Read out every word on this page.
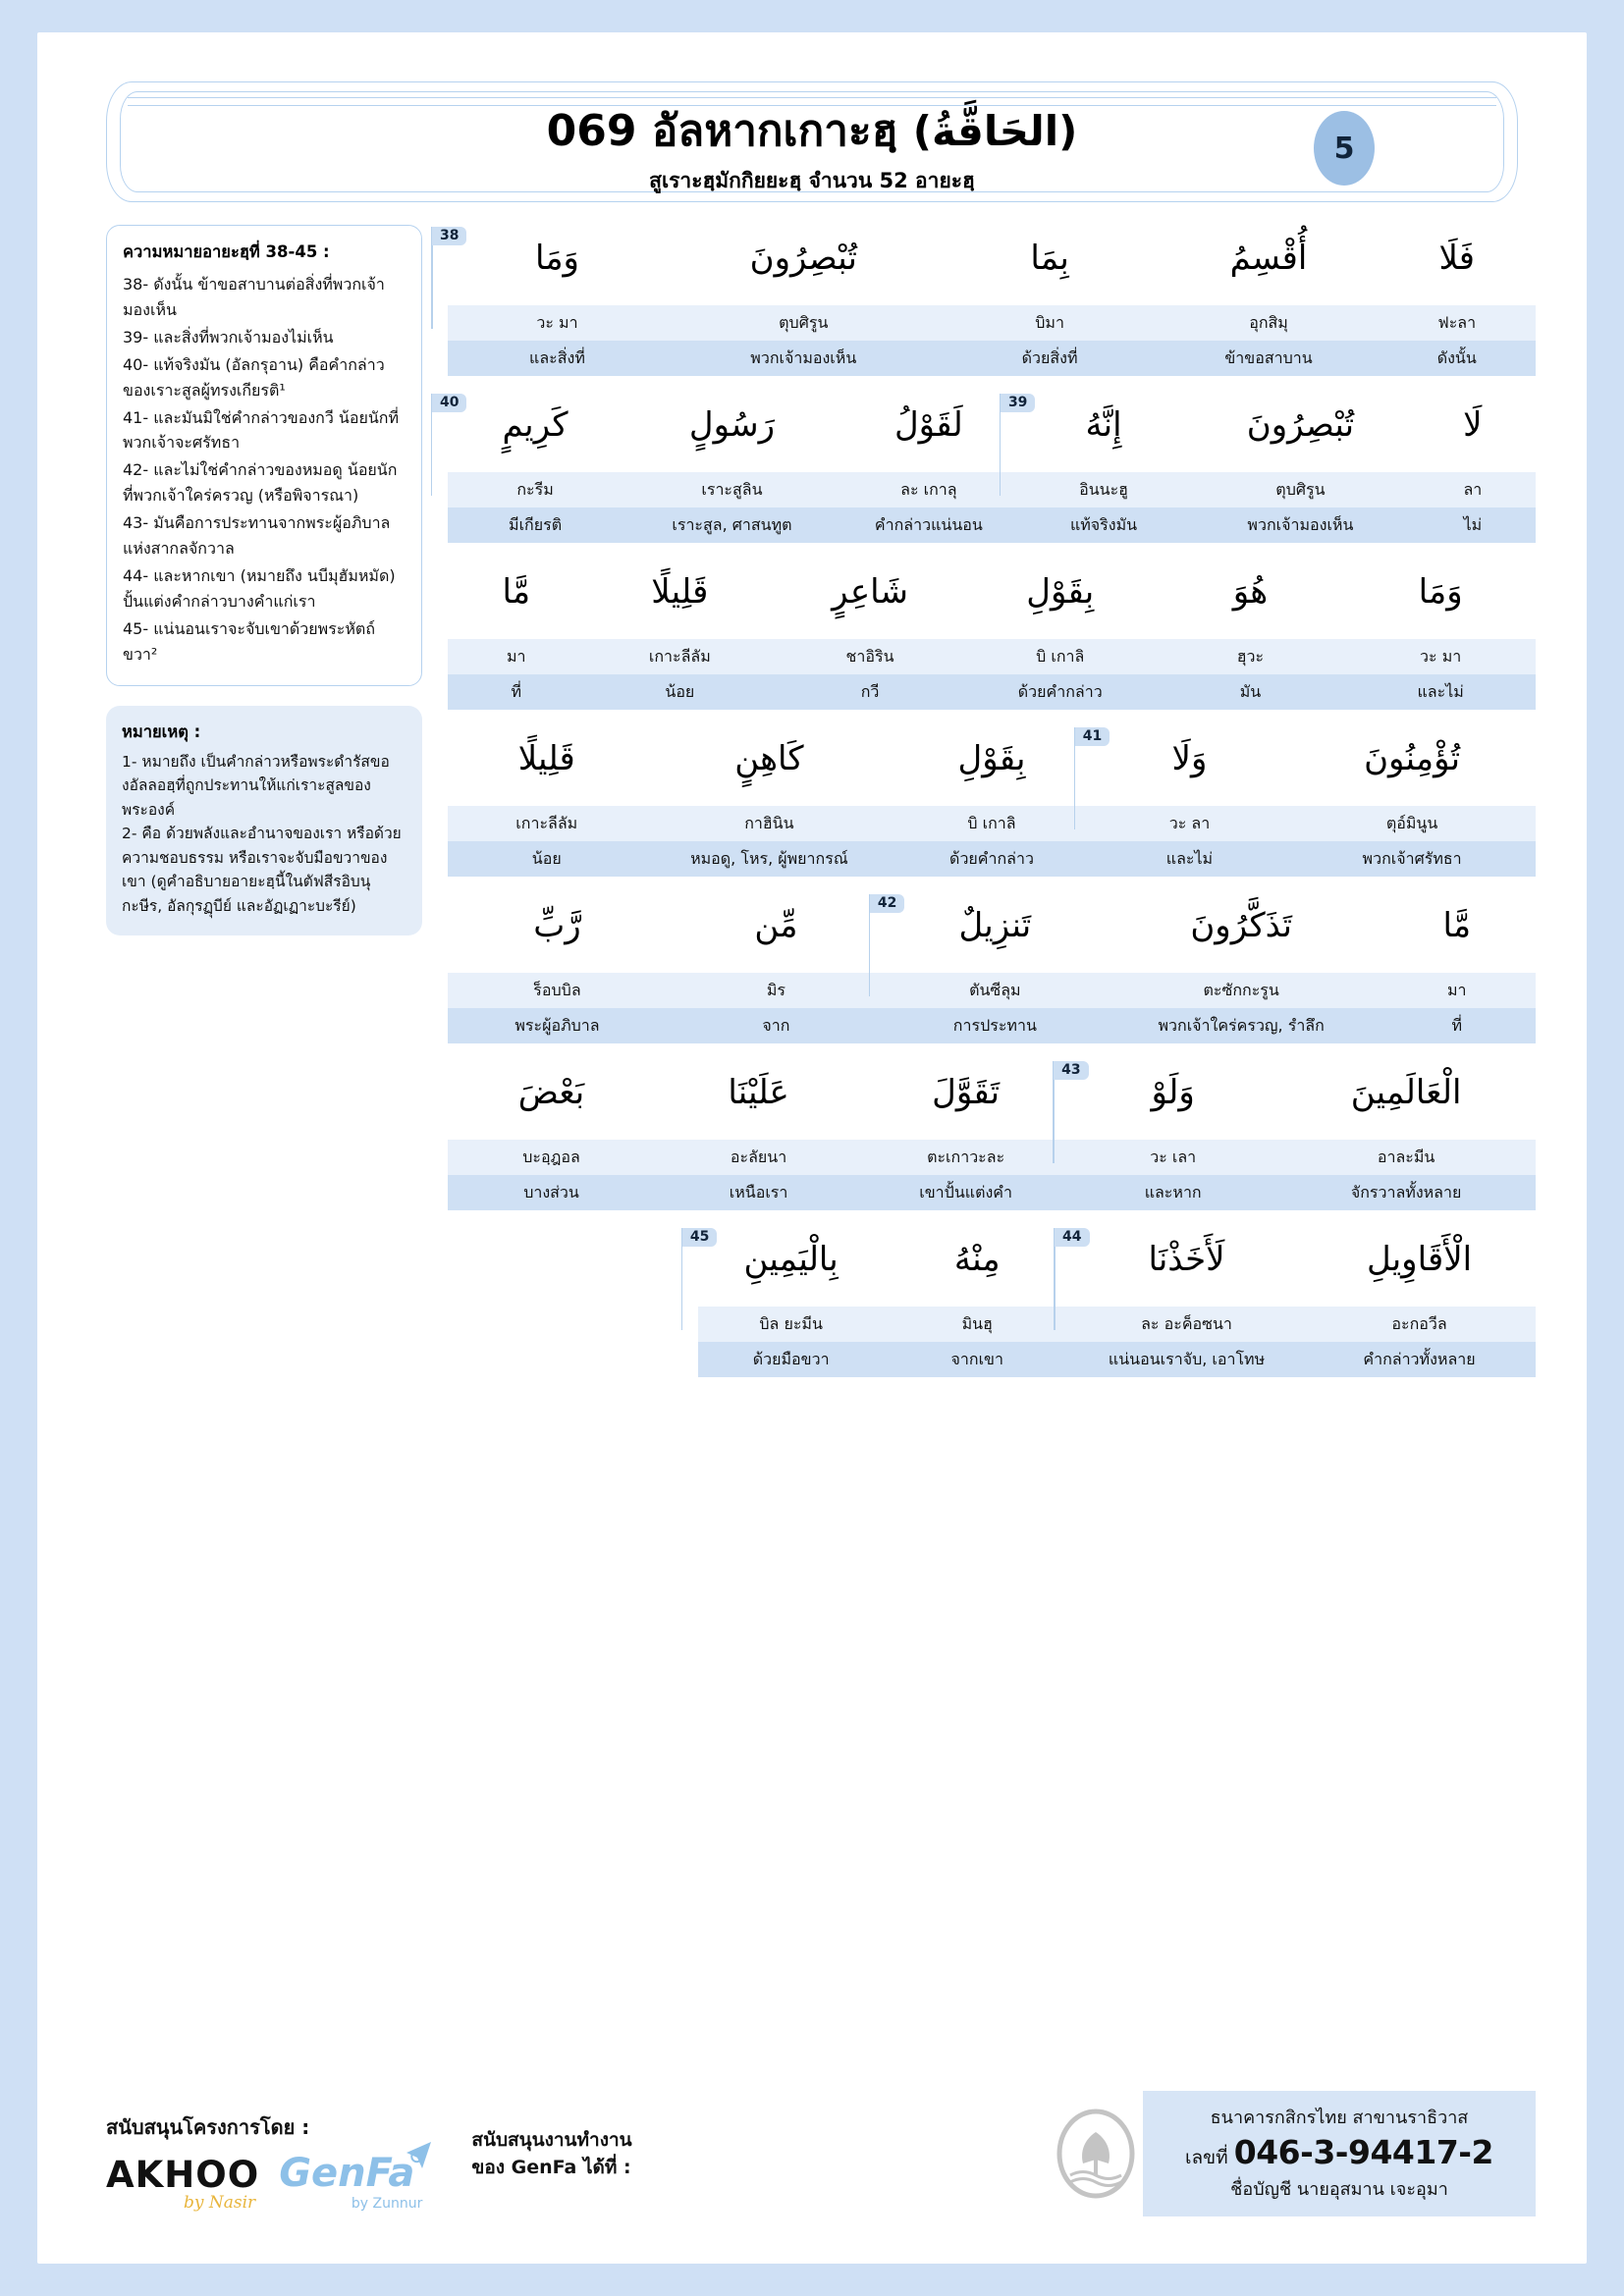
069 อัลหากเกาะฮฺ (الحَاقَّةُ)
สูเราะฮฺมักกิยยะฮฺ จำนวน 52 อายะฮฺ
5
ความหมายอายะฮฺที่ 38-45 :
38- ดังนั้น ข้าขอสาบานต่อสิ่งที่พวกเจ้ามองเห็น
39- และสิ่งที่พวกเจ้ามองไม่เห็น
40- แท้จริงมัน (อัลกรุอาน) คือคำกล่าวของเราะสูลผู้ทรงเกียรติ¹
41- และมันมิใช่คำกล่าวของกวี น้อยนักที่พวกเจ้าจะศรัทธา
42- และไม่ใช่คำกล่าวของหมอดู น้อยนักที่พวกเจ้าใคร่ครวญ (หรือพิจารณา)
43- มันคือการประทานจากพระผู้อภิบาลแห่งสากลจักวาล
44- และหากเขา (หมายถึง นบีมุฮัมหมัด) ปั้นแต่งคำกล่าวบางคำแก่เรา
45- แน่นอนเราจะจับเขาด้วยพระหัตถ์ขวา²
หมายเหตุ :
1- หมายถึง เป็นคำกล่าวหรือพระดำรัสของอัลลอฮฺที่ถูกประทานให้แก่เราะสูลของพระองค์
2- คือ ด้วยพลังและอำนาจของเรา หรือด้วยความชอบธรรม หรือเราจะจับมือขวาของเขา (ดูคำอธิบายอายะฮฺนี้ในตัฟสีรอิบนุกะษีร, อัลกุรฏุบีย์ และอัฏเฏาะบะรีย์)
فَلَا
أُقْسِمُ
بِمَا
تُبْصِرُونَ
38
وَمَا
ฟะลา
อุกสิมุ
บิมา
ตุบศิรูน
วะ มา
ดังนั้น
ข้าขอสาบาน
ด้วยสิ่งที่
พวกเจ้ามองเห็น
และสิ่งที่
لَا
تُبْصِرُونَ
39
إِنَّهُ
لَقَوْلُ
رَسُولٍ
40
كَرِيمٍ
ลา
ตุบศิรูน
อินนะฮู
ละ เกาลุ
เราะสูลิน
กะรีม
ไม่
พวกเจ้ามองเห็น
แท้จริงมัน
คำกล่าวแน่นอน
เราะสูล, ศาสนทูต
มีเกียรติ
وَمَا
هُوَ
بِقَوْلِ
شَاعِرٍ
قَلِيلًا
مَّا
วะ มา
ฮุวะ
บิ เกาลิ
ชาอิริน
เกาะลีลัม
มา
และไม่
มัน
ด้วยคำกล่าว
กวี
น้อย
ที่
تُؤْمِنُونَ
41
وَلَا
بِقَوْلِ
كَاهِنٍ
قَلِيلًا
ตุอ์มินูน
วะ ลา
บิ เกาลิ
กาฮินิน
เกาะลีลัม
พวกเจ้าศรัทธา
และไม่
ด้วยคำกล่าว
หมอดู, โหร, ผู้พยากรณ์
น้อย
مَّا
تَذَكَّرُونَ
42
تَنزِيلٌ
مِّن
رَّبِّ
มา
ตะซักกะรูน
ตันซีลุม
มิร
ร็อบบิล
ที่
พวกเจ้าใคร่ครวญ, รำลึก
การประทาน
จาก
พระผู้อภิบาล
الْعَالَمِينَ
43
وَلَوْ
تَقَوَّلَ
عَلَيْنَا
بَعْضَ
อาละมีน
วะ เลา
ตะเกาวะละ
อะลัยนา
บะอฺฎอล
จักรวาลทั้งหลาย
และหาก
เขาปั้นแต่งคำ
เหนือเรา
บางส่วน
الْأَقَاوِيلِ
44
لَأَخَذْنَا
مِنْهُ
45
بِالْيَمِينِ
อะกอวีล
ละ อะค็อซนา
มินฮุ
บิล ยะมีน
คำกล่าวทั้งหลาย
แน่นอนเราจับ, เอาโทษ
จากเขา
ด้วยมือขวา
สนับสนุนโครงการโดย :
AKHOO
by Nasir
GenFa
by Zunnur
สนับสนุนงานทำงาน
ของ GenFa ได้ที่ :
ธนาคารกสิกรไทย สาขานราธิวาส
เลขที่ 046-3-94417-2
ชื่อบัญชี นายอุสมาน เจะอุมา
